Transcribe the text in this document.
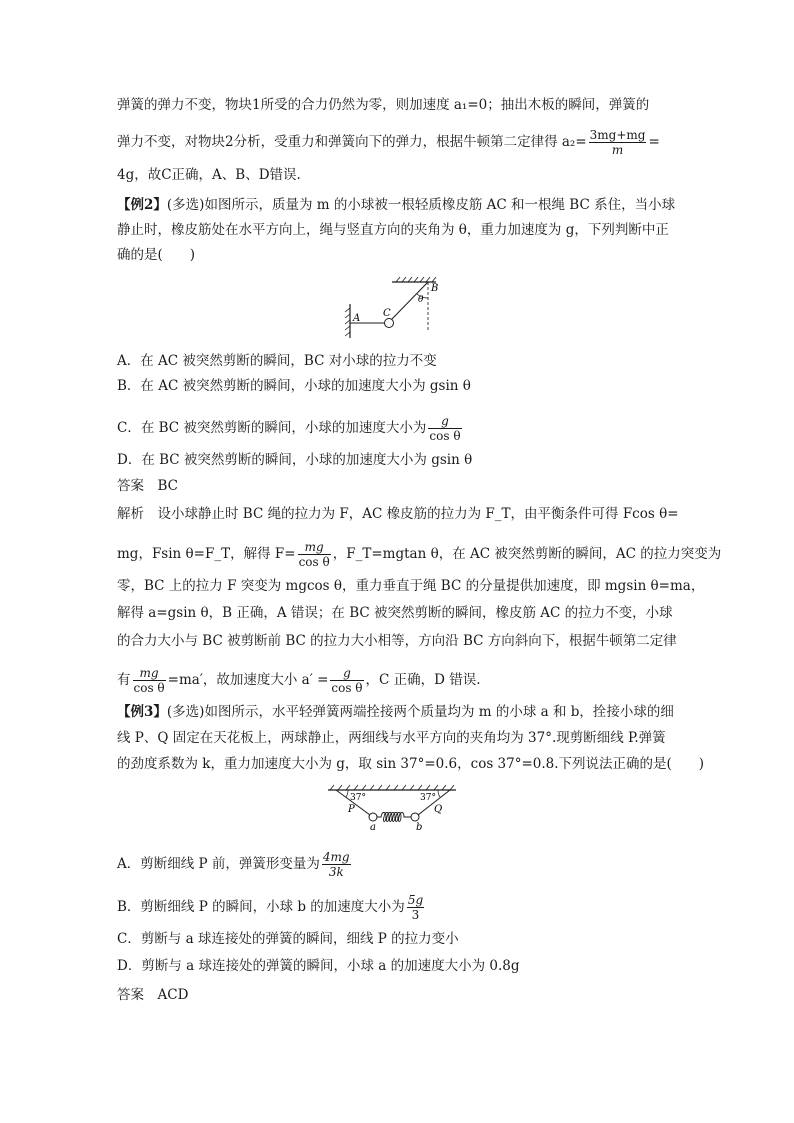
弹簧的弹力不变，物块1所受的合力仍然为零，则加速度 a₁=0；抽出木板的瞬间，弹簧的
弹力不变，对物块2分析，受重力和弹簧向下的弹力，根据牛顿第二定律得 $a_2= \frac{3mg+mg}{m}$ =
4g，故C正确，A、B、D错误.
【例2】(多选)如图所示，质量为 m 的小球被一根轻质橡皮筋 AC 和一根绳 BC 系住，当小球
静止时，橡皮筋处在水平方向上，绳与竖直方向的夹角为 θ，重力加速度为 g，下列判断中正
确的是(　　)
A C
B
θ
A．在 AC 被突然剪断的瞬间，BC 对小球的拉力不变
B．在 AC 被突然剪断的瞬间，小球的加速度大小为 gsin θ
C．在 BC 被突然剪断的瞬间，小球的加速度大小为 $\frac{g}{\text{cos θ}}$
D．在 BC 被突然剪断的瞬间，小球的加速度大小为 gsin θ
答案　BC
解析　设小球静止时 BC 绳的拉力为 F，AC 橡皮筋的拉力为 F_T，由平衡条件可得 Fcos θ=
mg，Fsin θ=F_T，解得 $F= \frac{mg}{\text{cos θ}}$ ，F_T=mgtan θ，在 AC 被突然剪断的瞬间，AC 的拉力突变为
零，BC 上的拉力 F 突变为 mgcos θ，重力垂直于绳 BC 的分量提供加速度，即 mgsin θ=ma，
解得 a=gsin θ，B 正确，A 错误；在 BC 被突然剪断的瞬间，橡皮筋 AC 的拉力不变，小球
的合力大小与 BC 被剪断前 BC 的拉力大小相等，方向沿 BC 方向斜向下，根据牛顿第二定律
有 $\frac{mg}{\text{cos θ}} =ma'$，故加速度大小 $a' = \frac{g}{\text{cos θ}}$ ，C 正确，D 错误.
【例3】(多选)如图所示，水平轻弹簧两端拴接两个质量均为 m 的小球 a 和 b，拴接小球的细
线 P、Q 固定在天花板上，两球静止，两细线与水平方向的夹角均为 37°.现剪断细线 P.弹簧
的劲度系数为 k，重力加速度大小为 g，取 sin 37°=0.6，cos 37°=0.8.下列说法正确的是(　　)
37°	37°
P	Q
a	b
A．剪断细线 P 前，弹簧形变量为 $\frac{4mg}{3k}$
B．剪断细线 P 的瞬间，小球 b 的加速度大小为 $\frac{5g}{3}$
C．剪断与 a 球连接处的弹簧的瞬间，细线 P 的拉力变小
D．剪断与 a 球连接处的弹簧的瞬间，小球 a 的加速度大小为 0.8g
答案　ACD
